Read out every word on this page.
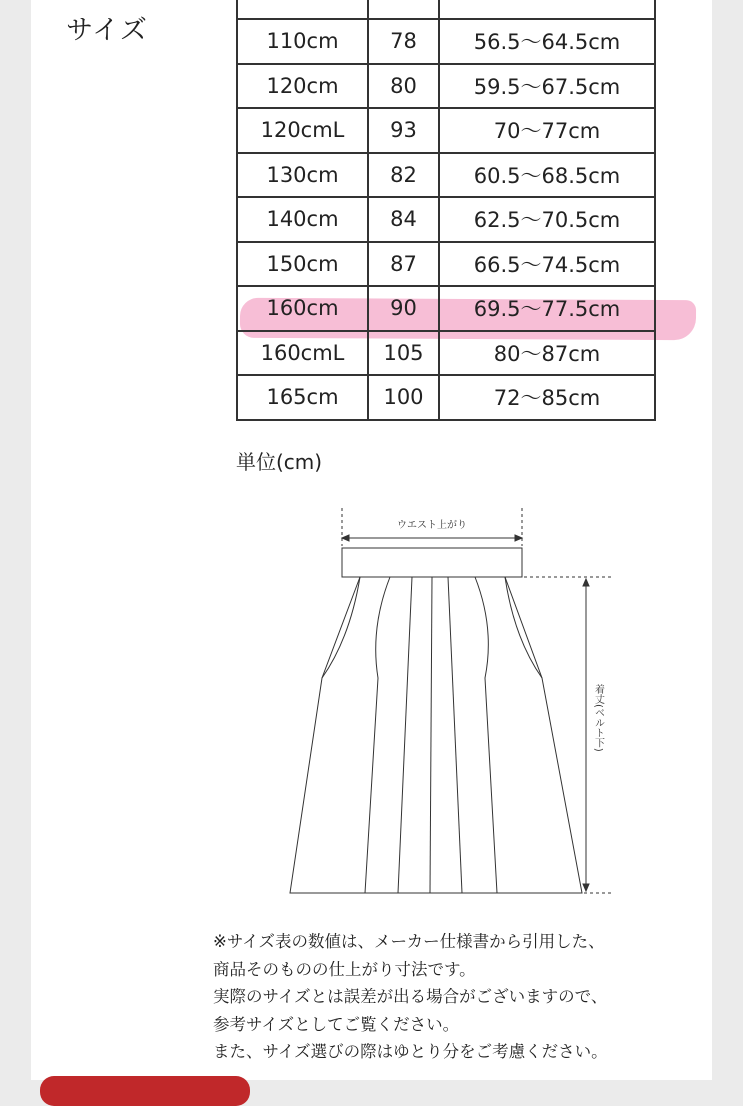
サイズ
			110cm	78	56.5〜64.5cm
120cm	80	59.5〜67.5cm
120cmL	93	70〜77cm
130cm	82	60.5〜68.5cm
140cm	84	62.5〜70.5cm
150cm	87	66.5〜74.5cm
160cm	90	69.5〜77.5cm
160cmL	105	80〜87cm
165cm	100	72〜85cm
単位(cm)
ウエスト上がり
着丈(ベルト下)
※サイズ表の数値は、メーカー仕様書から引用した、
商品そのものの仕上がり寸法です。
実際のサイズとは誤差が出る場合がございますので、
参考サイズとしてご覧ください。
また、サイズ選びの際はゆとり分をご考慮ください。
